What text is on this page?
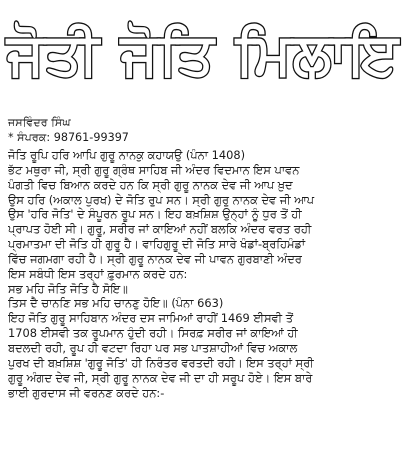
ਜੋਤੀ ਜੋਤਿ ਮਿਲਾਇ
ਜਸਵਿੰਦਰ ਸਿੰਘ
* ਸੰਪਰਕ: 98761-99397
ਜੋਤਿ ਰੂਪਿ ਹਰਿ ਆਪਿ ਗੁਰੂ ਨਾਨਕੁ ਕਹਾਯਉ (ਪੰਨਾ 1408)
ਭੱਟ ਮਥੁਰਾ ਜੀ, ਸ੍ਰੀ ਗੁਰੂ ਗ੍ਰੰਥ ਸਾਹਿਬ ਜੀ ਅੰਦਰ ਵਿਦਮਾਨ ਇਸ ਪਾਵਨ
ਪੰਗਤੀ ਵਿਚ ਬਿਆਨ ਕਰਦੇ ਹਨ ਕਿ ਸ੍ਰੀ ਗੁਰੂ ਨਾਨਕ ਦੇਵ ਜੀ ਆਪ ਖ਼ੁਦ
ਉਸ ਹਰਿ (ਅਕਾਲ ਪੁਰਖ) ਦੇ ਜੋਤਿ ਰੂਪ ਸਨ। ਸ੍ਰੀ ਗੁਰੂ ਨਾਨਕ ਦੇਵ ਜੀ ਆਪ
ਉਸ 'ਹਰਿ ਜੋਤਿ' ਦੇ ਸੰਪੂਰਨ ਰੂਪ ਸਨ। ਇਹ ਬਖ਼ਸ਼ਿਸ਼ ਉਨ੍ਹਾਂ ਨੂੰ ਧੁਰ ਤੋਂ ਹੀ
ਪ੍ਰਾਪਤ ਹੋਈ ਸੀ। ਗੁਰੂ, ਸਰੀਰ ਜਾਂ ਕਾਇਆਂ ਨਹੀਂ ਬਲਕਿ ਅੰਦਰ ਵਰਤ ਰਹੀ
ਪ੍ਰਮਾਤਮਾ ਦੀ ਜੋਤਿ ਹੀ ਗੁਰੂ ਹੈ। ਵਾਹਿਗੁਰੂ ਦੀ ਜੋਤਿ ਸਾਰੇ ਖੰਡਾਂ-ਬ੍ਰਹਿਮੰਡਾਂ
ਵਿੱਚ ਜਗਮਗਾ ਰਹੀ ਹੈ। ਸ੍ਰੀ ਗੁਰੂ ਨਾਨਕ ਦੇਵ ਜੀ ਪਾਵਨ ਗੁਰਬਾਣੀ ਅੰਦਰ
ਇਸ ਸਬੰਧੀ ਇਸ ਤਰ੍ਹਾਂ ਫ਼ੁਰਮਾਨ ਕਰਦੇ ਹਨ:
ਸਭ ਮਹਿ ਜੋਤਿ ਜੋਤਿ ਹੈ ਸੋਇ॥
ਤਿਸ ਦੈ ਚਾਨਣਿ ਸਭ ਮਹਿ ਚਾਨਣੁ ਹੋਇ॥ (ਪੰਨਾ 663)
ਇਹ ਜੋਤਿ ਗੁਰੂ ਸਾਹਿਬਾਨ ਅੰਦਰ ਦਸ ਜਾਮਿਆਂ ਰਾਹੀਂ 1469 ਈਸਵੀ ਤੋਂ
1708 ਈਸਵੀ ਤਕ ਰੂਪਮਾਨ ਹੁੰਦੀ ਰਹੀ। ਸਿਰਫ਼ ਸਰੀਰ ਜਾਂ ਕਾਇਆਂ ਹੀ
ਬਦਲਦੀ ਰਹੀ, ਰੂਪ ਹੀ ਵਟਦਾ ਰਿਹਾ ਪਰ ਸਭ ਪਾਤਸ਼ਾਹੀਆਂ ਵਿਚ ਅਕਾਲ
ਪੁਰਖ ਦੀ ਬਖ਼ਸ਼ਿਸ਼ 'ਗੁਰੂ ਜੋਤਿ' ਹੀ ਨਿਰੰਤਰ ਵਰਤਦੀ ਰਹੀ। ਇਸ ਤਰ੍ਹਾਂ ਸ੍ਰੀ
ਗੁਰੂ ਅੰਗਦ ਦੇਵ ਜੀ, ਸ੍ਰੀ ਗੁਰੂ ਨਾਨਕ ਦੇਵ ਜੀ ਦਾ ਹੀ ਸਰੂਪ ਹੋਏ। ਇਸ ਬਾਰੇ
ਭਾਈ ਗੁਰਦਾਸ ਜੀ ਵਰਨਣ ਕਰਦੇ ਹਨ:-
